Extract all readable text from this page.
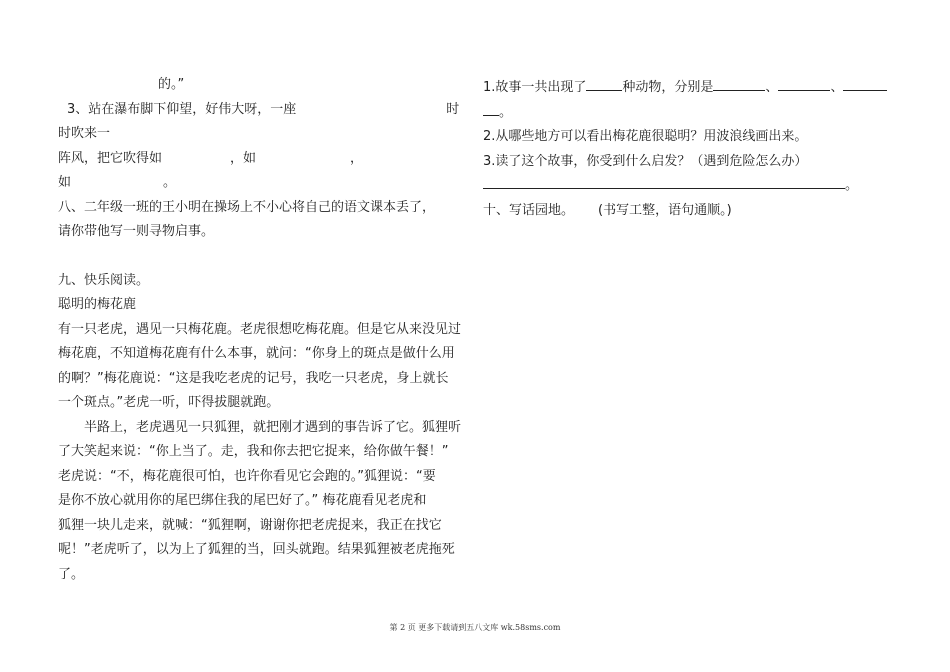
的。”
3、站在瀑布脚下仰望，好伟大呀，一座	时
时吹来一
阵风，把它吹得如	，如	，
如	。
八、二年级一班的王小明在操场上不小心将自己的语文课本丢了，
请你带他写一则寻物启事。
九、快乐阅读。
聪明的梅花鹿
有一只老虎，遇见一只梅花鹿。老虎很想吃梅花鹿。但是它从来没见过
梅花鹿，不知道梅花鹿有什么本事，就问：“你身上的斑点是做什么用
的啊？”梅花鹿说：“这是我吃老虎的记号，我吃一只老虎，身上就长
一个斑点。”老虎一听，吓得拔腿就跑。
半路上，老虎遇见一只狐狸，就把刚才遇到的事告诉了它。狐狸听
了大笑起来说：“你上当了。走，我和你去把它捉来，给你做午餐！”
老虎说：“不，梅花鹿很可怕，也许你看见它会跑的。”狐狸说：“要
是你不放心就用你的尾巴绑住我的尾巴好了。” 梅花鹿看见老虎和
狐狸一块儿走来，就喊：“狐狸啊，谢谢你把老虎捉来，我正在找它
呢！”老虎听了，以为上了狐狸的当，回头就跑。结果狐狸被老虎拖死
了。
1.故事一共出现了	种动物，分别是	、	、
。
2.从哪些地方可以看出梅花鹿很聪明？用波浪线画出来。
3.读了这个故事，你受到什么启发？（遇到危险怎么办）
。
十、写话园地。 (书写工整，语句通顺。)
第 2 页 更多下载请到五八文库 wk.58sms.com
